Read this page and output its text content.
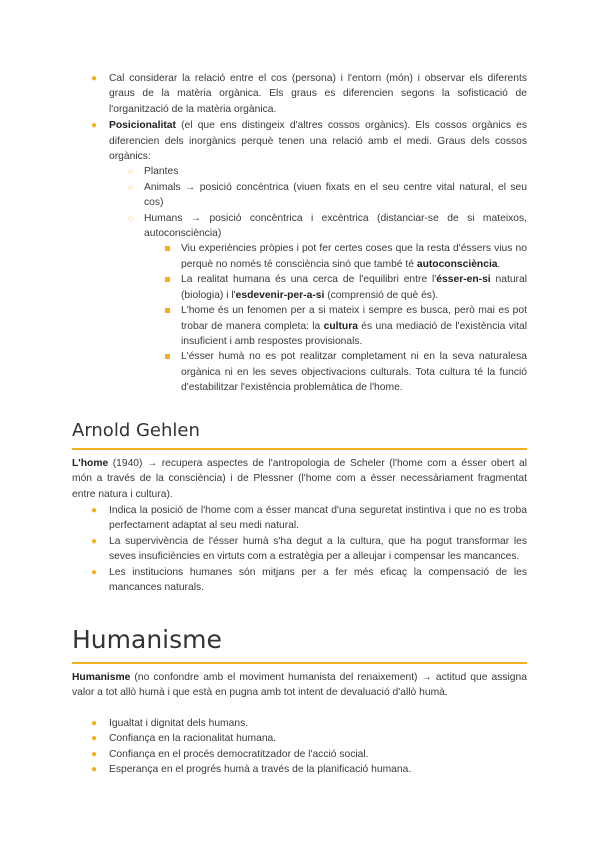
● Cal considerar la relació entre el cos (persona) i l'entorn (món) i observar els diferents graus de la matèria orgànica. Els graus es diferencien segons la sofisticació de l'organització de la matèria orgànica.
● Posicionalitat (el que ens distingeix d'altres cossos orgànics). Els cossos orgànics es diferencien dels inorgànics perquè tenen una relació amb el medi. Graus dels cossos orgànics:
○ Plantes
○ Animals → posició concèntrica (viuen fixats en el seu centre vital natural, el seu cos)
○ Humans → posició concèntrica i excèntrica (distanciar-se de si mateixos, autoconsciència)
Viu experiències pròpies i pot fer certes coses que la resta d'éssers vius no perquè no només té consciència sinó que també té autoconsciència.
La realitat humana és una cerca de l'equilibri entre l'ésser-en-si natural (biologia) i l'esdevenir-per-a-si (comprensió de què és).
L'home és un fenomen per a si mateix i sempre es busca, però mai es pot trobar de manera completa: la cultura és una mediació de l'existència vital insuficient i amb respostes provisionals.
L'ésser humà no es pot realitzar completament ni en la seva naturalesa orgànica ni en les seves objectivacions culturals. Tota cultura té la funció d'estabilitzar l'existència problemàtica de l'home.
Arnold Gehlen
L'home (1940) → recupera aspectes de l'antropologia de Scheler (l'home com a ésser obert al món a través de la consciència) i de Plessner (l'home com a ésser necessàriament fragmentat entre natura i cultura).
● Indica la posició de l'home com a ésser mancat d'una seguretat instintiva i que no es troba perfectament adaptat al seu medi natural.
● La supervivència de l'ésser humà s'ha degut a la cultura, que ha pogut transformar les seves insuficiències en virtuts com a estratègia per a alleujar i compensar les mancances.
● Les institucions humanes són mitjans per a fer més eficaç la compensació de les mancances naturals.
Humanisme
Humanisme (no confondre amb el moviment humanista del renaixement) → actitud que assigna valor a tot allò humà i que està en pugna amb tot intent de devaluació d'allò humà.
● Igualtat i dignitat dels humans.
● Confiança en la racionalitat humana.
● Confiança en el procés democratitzador de l'acció social.
● Esperança en el progrés humà a través de la planificació humana.
